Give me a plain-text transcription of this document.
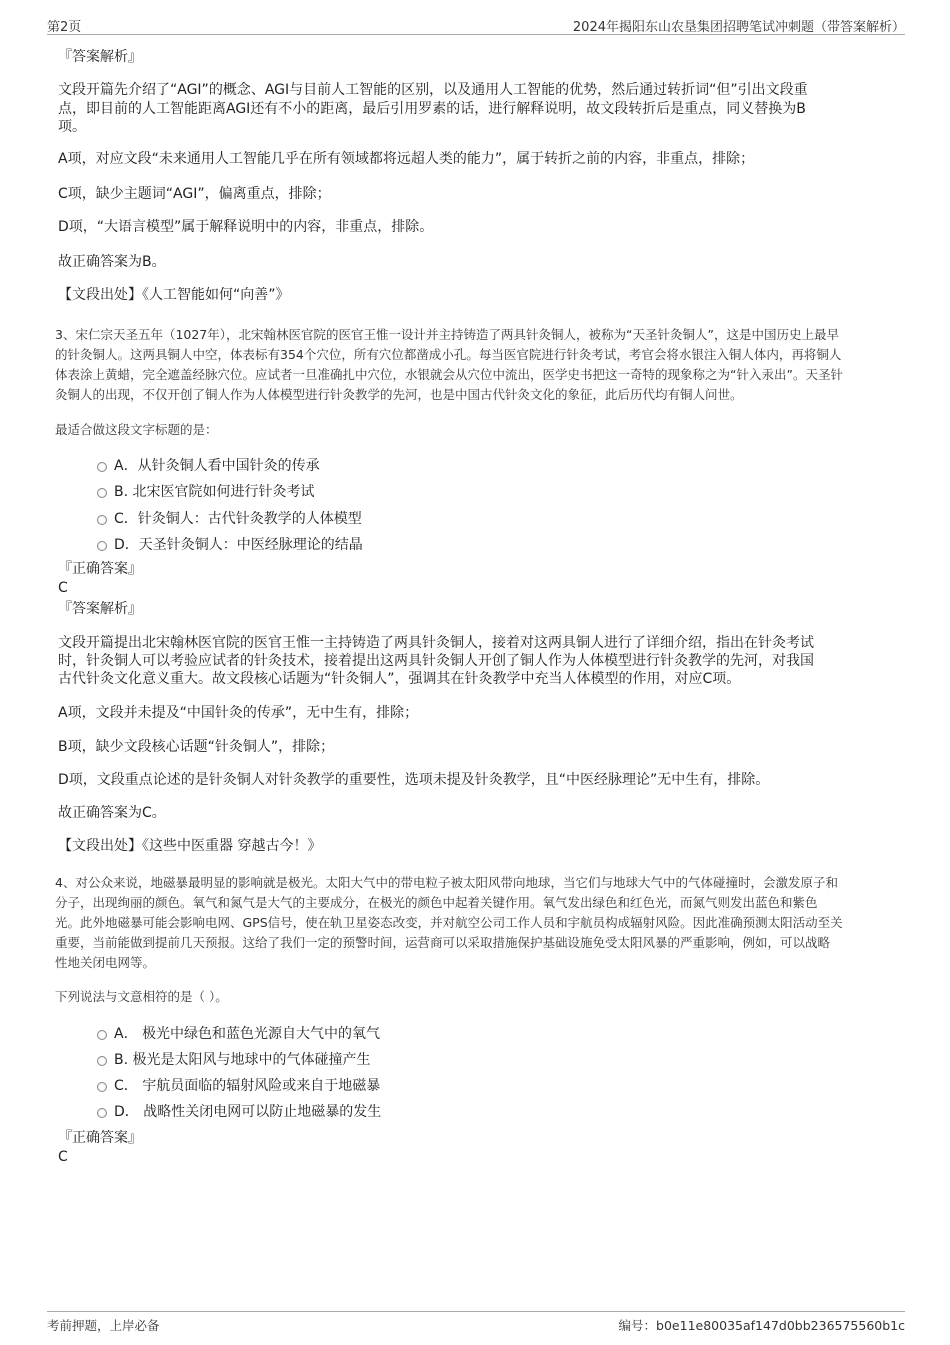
第2页	2024年揭阳东山农垦集团招聘笔试冲刺题（带答案解析）
『答案解析』
文段开篇先介绍了“AGI”的概念、AGI与目前人工智能的区别，以及通用人工智能的优势，然后通过转折词“但”引出文段重
点，即目前的人工智能距离AGI还有不小的距离，最后引用罗素的话，进行解释说明，故文段转折后是重点，同义替换为B
项。
A项，对应文段“未来通用人工智能几乎在所有领域都将远超人类的能力”，属于转折之前的内容，非重点，排除；
C项，缺少主题词“AGI”，偏离重点，排除；
D项，“大语言模型”属于解释说明中的内容，非重点，排除。
故正确答案为B。
【文段出处】《人工智能如何“向善”》
3、宋仁宗天圣五年（1027年），北宋翰林医官院的医官王惟一设计并主持铸造了两具针灸铜人，被称为“天圣针灸铜人”，这是中国历史上最早
的针灸铜人。这两具铜人中空，体表标有354个穴位，所有穴位都凿成小孔。每当医官院进行针灸考试，考官会将水银注入铜人体内，再将铜人
体表涂上黄蜡，完全遮盖经脉穴位。应试者一旦准确扎中穴位，水银就会从穴位中流出，医学史书把这一奇特的现象称之为“针入汞出”。天圣针
灸铜人的出现，不仅开创了铜人作为人体模型进行针灸教学的先河，也是中国古代针灸文化的象征，此后历代均有铜人问世。
最适合做这段文字标题的是：
A．从针灸铜人看中国针灸的传承
B. 北宋医官院如何进行针灸考试
C．针灸铜人：古代针灸教学的人体模型
D．天圣针灸铜人：中医经脉理论的结晶
『正确答案』
C
『答案解析』
文段开篇提出北宋翰林医官院的医官王惟一主持铸造了两具针灸铜人，接着对这两具铜人进行了详细介绍，指出在针灸考试
时，针灸铜人可以考验应试者的针灸技术，接着提出这两具针灸铜人开创了铜人作为人体模型进行针灸教学的先河，对我国
古代针灸文化意义重大。故文段核心话题为“针灸铜人”，强调其在针灸教学中充当人体模型的作用，对应C项。
A项，文段并未提及“中国针灸的传承”，无中生有，排除；
B项，缺少文段核心话题“针灸铜人”，排除；
D项，文段重点论述的是针灸铜人对针灸教学的重要性，选项未提及针灸教学，且“中医经脉理论”无中生有，排除。
故正确答案为C。
【文段出处】《这些中医重器 穿越古今！》
4、对公众来说，地磁暴最明显的影响就是极光。太阳大气中的带电粒子被太阳风带向地球，当它们与地球大气中的气体碰撞时，会激发原子和
分子，出现绚丽的颜色。氧气和氮气是大气的主要成分，在极光的颜色中起着关键作用。氧气发出绿色和红色光，而氮气则发出蓝色和紫色
光。此外地磁暴可能会影响电网、GPS信号，使在轨卫星姿态改变，并对航空公司工作人员和宇航员构成辐射风险。因此准确预测太阳活动至关
重要，当前能做到提前几天预报。这给了我们一定的预警时间，运营商可以采取措施保护基础设施免受太阳风暴的严重影响，例如，可以战略
性地关闭电网等。
下列说法与文意相符的是（ ）。
A． 极光中绿色和蓝色光源自大气中的氧气
B. 极光是太阳风与地球中的气体碰撞产生
C． 宇航员面临的辐射风险或来自于地磁暴
D． 战略性关闭电网可以防止地磁暴的发生
『正确答案』
C
考前押题，上岸必备	编号：b0e11e80035af147d0bb236575560b1c
